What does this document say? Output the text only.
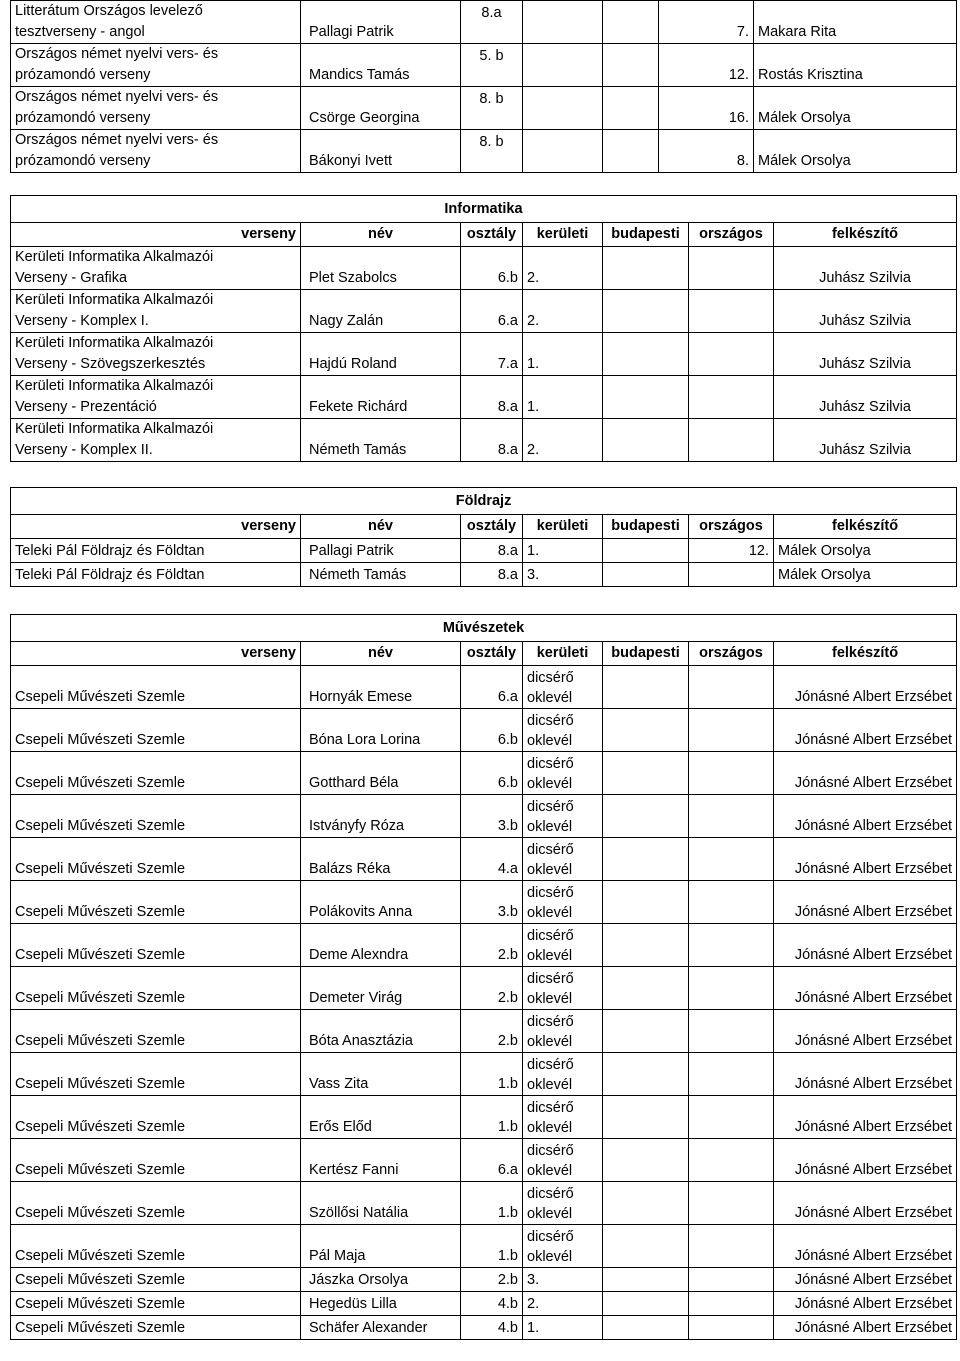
Litterátum Országos levelező
tesztverseny - angol	Pallagi Patrik	8.a			7.	Makara Rita

Országos német nyelvi vers- és
prózamondó verseny	Mandics Tamás	5. b			12.	Rostás Krisztina

Országos német nyelvi vers- és
prózamondó verseny	Csörge Georgina	8. b			16.	Málek Orsolya

Országos német nyelvi vers- és
prózamondó verseny	Bákonyi Ivett	8. b			8.	Málek Orsolya
Informatika						
verseny	név	osztály	kerületi	budapesti	országos	felkészítő

Kerületi Informatika Alkalmazói
Verseny - Grafika	Plet Szabolcs	6.b	2.			Juhász Szilvia

Kerületi Informatika Alkalmazói
Verseny - Komplex I.	Nagy Zalán	6.a	2.			Juhász Szilvia

Kerületi Informatika Alkalmazói
Verseny - Szövegszerkesztés	Hajdú Roland	7.a	1.			Juhász Szilvia

Kerületi Informatika Alkalmazói
Verseny - Prezentáció	Fekete Richárd	8.a	1.			Juhász Szilvia

Kerületi Informatika Alkalmazói
Verseny - Komplex II.	Németh Tamás	8.a	2.			Juhász Szilvia
Földrajz						
verseny	név	osztály	kerületi	budapesti	országos	felkészítő
Teleki Pál Földrajz és Földtan	Pallagi Patrik	8.a	1.		12.	Málek Orsolya
Teleki Pál Földrajz és Földtan	Németh Tamás	8.a	3.			Málek Orsolya
Művészetek						
verseny	név	osztály	kerületi	budapesti	országos	felkészítő
Csepeli Művészeti Szemle	Hornyák Emese	6.a	dicsérő
oklevél			Jónásné Albert Erzsébet
Csepeli Művészeti Szemle	Bóna Lora Lorina	6.b	dicsérő
oklevél			Jónásné Albert Erzsébet
Csepeli Művészeti Szemle	Gotthard Béla	6.b	dicsérő
oklevél			Jónásné Albert Erzsébet
Csepeli Művészeti Szemle	Istványfy Róza	3.b	dicsérő
oklevél			Jónásné Albert Erzsébet
Csepeli Művészeti Szemle	Balázs Réka	4.a	dicsérő
oklevél			Jónásné Albert Erzsébet
Csepeli Művészeti Szemle	Polákovits Anna	3.b	dicsérő
oklevél			Jónásné Albert Erzsébet
Csepeli Művészeti Szemle	Deme Alexndra	2.b	dicsérő
oklevél			Jónásné Albert Erzsébet
Csepeli Művészeti Szemle	Demeter Virág	2.b	dicsérő
oklevél			Jónásné Albert Erzsébet
Csepeli Művészeti Szemle	Bóta Anasztázia	2.b	dicsérő
oklevél			Jónásné Albert Erzsébet
Csepeli Művészeti Szemle	Vass Zita	1.b	dicsérő
oklevél			Jónásné Albert Erzsébet
Csepeli Művészeti Szemle	Erős Előd	1.b	dicsérő
oklevél			Jónásné Albert Erzsébet
Csepeli Művészeti Szemle	Kertész Fanni	6.a	dicsérő
oklevél			Jónásné Albert Erzsébet
Csepeli Művészeti Szemle	Szöllősi Natália	1.b	dicsérő
oklevél			Jónásné Albert Erzsébet
Csepeli Művészeti Szemle	Pál Maja	1.b	dicsérő
oklevél			Jónásné Albert Erzsébet
Csepeli Művészeti Szemle	Jászka Orsolya	2.b	3.			Jónásné Albert Erzsébet
Csepeli Művészeti Szemle	Hegedüs Lilla	4.b	2.			Jónásné Albert Erzsébet
Csepeli Művészeti Szemle	Schäfer Alexander	4.b	1.			Jónásné Albert Erzsébet
